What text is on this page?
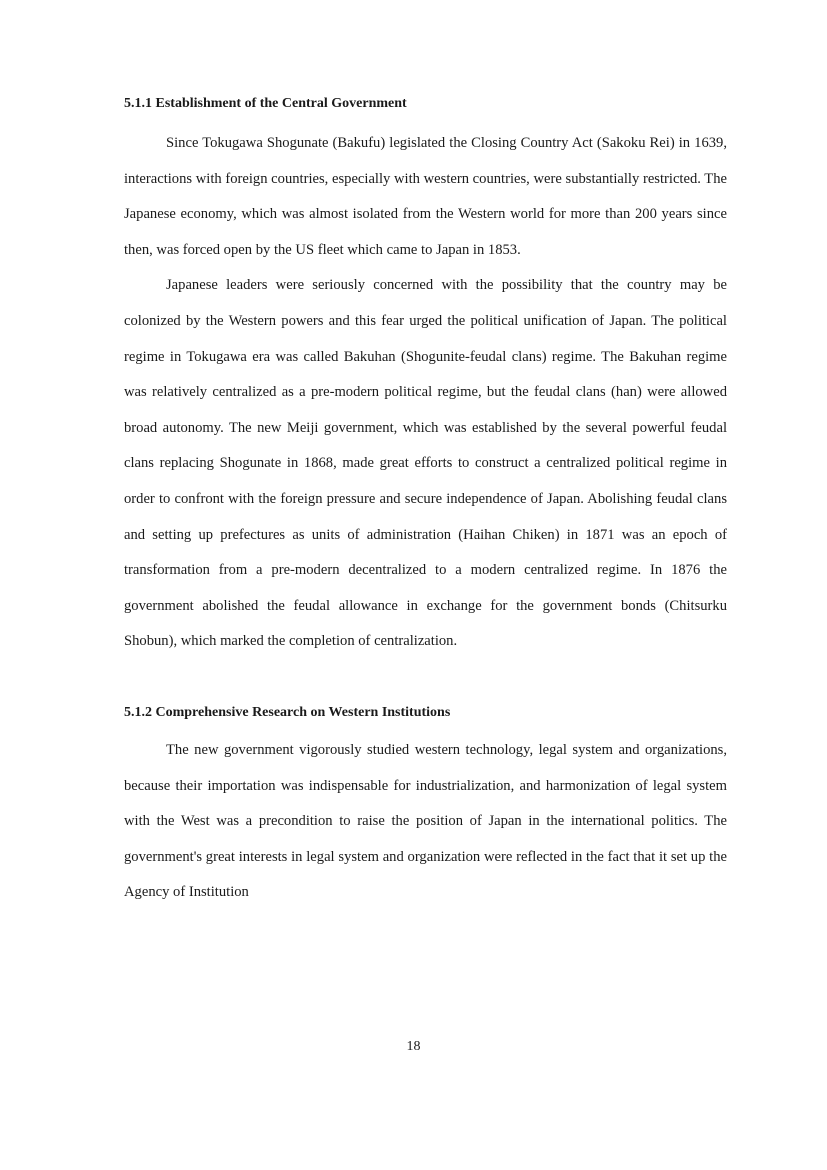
5.1.1 Establishment of the Central Government

Since Tokugawa Shogunate (Bakufu) legislated the Closing Country Act (Sakoku Rei) in 1639, interactions with foreign countries, especially with western countries, were substantially restricted. The Japanese economy, which was almost isolated from the Western world for more than 200 years since then, was forced open by the US fleet which came to Japan in 1853.

Japanese leaders were seriously concerned with the possibility that the country may be colonized by the Western powers and this fear urged the political unification of Japan. The political regime in Tokugawa era was called Bakuhan (Shogunite-feudal clans) regime. The Bakuhan regime was relatively centralized as a pre-modern political regime, but the feudal clans (han) were allowed broad autonomy. The new Meiji government, which was established by the several powerful feudal clans replacing Shogunate in 1868, made great efforts to construct a centralized political regime in order to confront with the foreign pressure and secure independence of Japan. Abolishing feudal clans and setting up prefectures as units of administration (Haihan Chiken) in 1871 was an epoch of transformation from a pre-modern decentralized to a modern centralized regime. In 1876 the government abolished the feudal allowance in exchange for the government bonds (Chitsurku Shobun), which marked the completion of centralization.

5.1.2 Comprehensive Research on Western Institutions

The new government vigorously studied western technology, legal system and organizations, because their importation was indispensable for industrialization, and harmonization of legal system with the West was a precondition to raise the position of Japan in the international politics. The government's great interests in legal system and organization were reflected in the fact that it set up the Agency of Institution

18
